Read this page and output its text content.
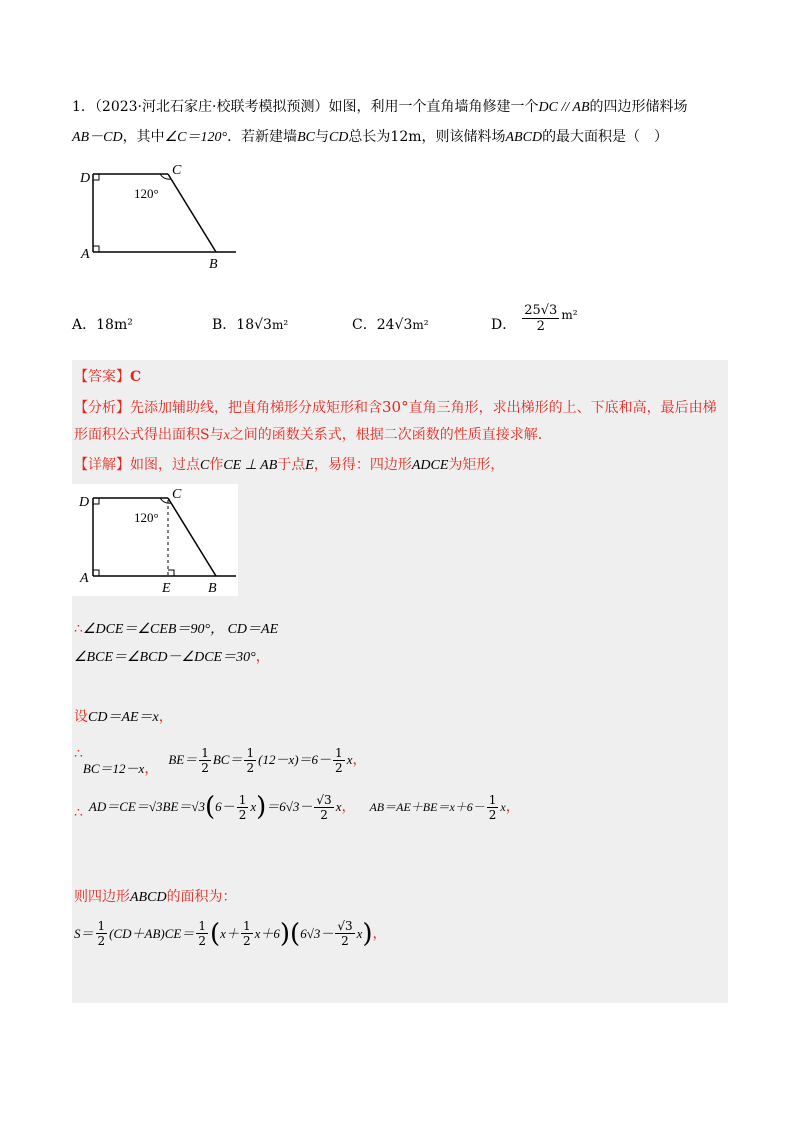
1．（2023·河北石家庄·校联考模拟预测）如图，利用一个直角墙角修建一个DC // AB的四边形储料场
AB－CD，其中∠C＝120°．若新建墙BC与CD总长为12m，则该储料场ABCD的最大面积是（　）
D
C
A
B
120°
A．18m²	B．18√3m²	C．24√3m²	D． $\frac{25√3}{2} m^2$
【答案】C
【分析】先添加辅助线，把直角梯形分成矩形和含30°直角三角形，求出梯形的上、下底和高，最后由梯
形面积公式得出面积S与x之间的函数关系式，根据二次函数的性质直接求解．
【详解】如图，过点C作CE ⊥ AB于点E，易得：四边形ADCE为矩形，
D
C
A
E	B
120°
∴∠DCE＝∠CEB＝90°， CD＝AE
∠BCE＝∠BCD－∠DCE＝30°，
设CD＝AE＝x，
∴
BC＝12－x ，
$BE= \frac{1}{2} BC= \frac{1}{2} (12-x)=6- \frac{1}{2}$ x ，
∴ AD＝CE＝√3BE＝√3 ( $6- \frac{1}{2}$ x ) $=6√3- \frac{√3}{2}$ x ， $AB=AE+BE=x+6- \frac{1}{2}$ x ，
则四边形ABCD的面积为：
$S= \frac{1}{2} (CD+AB)CE= \frac{1}{2}$ ( $x+ \frac{1}{2} x+6$ ) ( $6√3- \frac{√3}{2}$ x ) ，
